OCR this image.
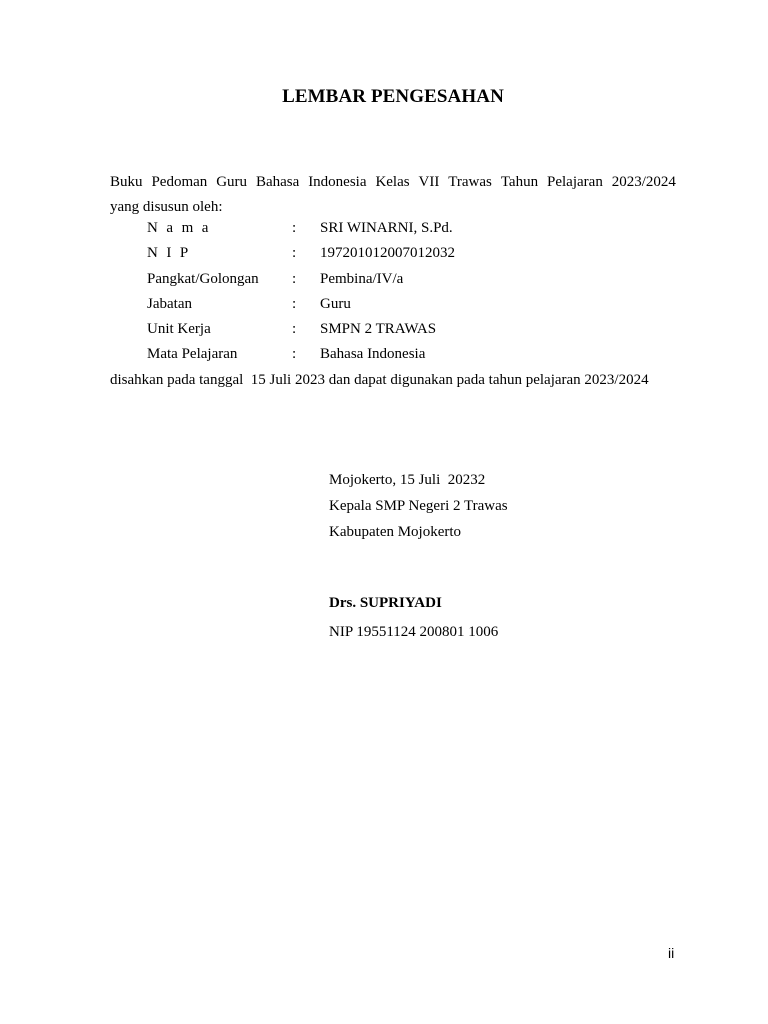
LEMBAR PENGESAHAN
Buku Pedoman Guru Bahasa Indonesia Kelas VII Trawas Tahun Pelajaran 2023/2024
yang disusun oleh:
N a m a	: SRI WINARNI, S.Pd.
N I P	: 197201012007012032
Pangkat/Golongan : Pembina/IV/a
Jabatan	: Guru
Unit Kerja	: SMPN 2 TRAWAS
Mata Pelajaran	: Bahasa Indonesia
disahkan pada tanggal  15 Juli 2023 dan dapat digunakan pada tahun pelajaran 2023/2024
Mojokerto, 15 Juli  20232
Kepala SMP Negeri 2 Trawas
Kabupaten Mojokerto
Drs. SUPRIYADI
NIP 19551124 200801 1006
ii
